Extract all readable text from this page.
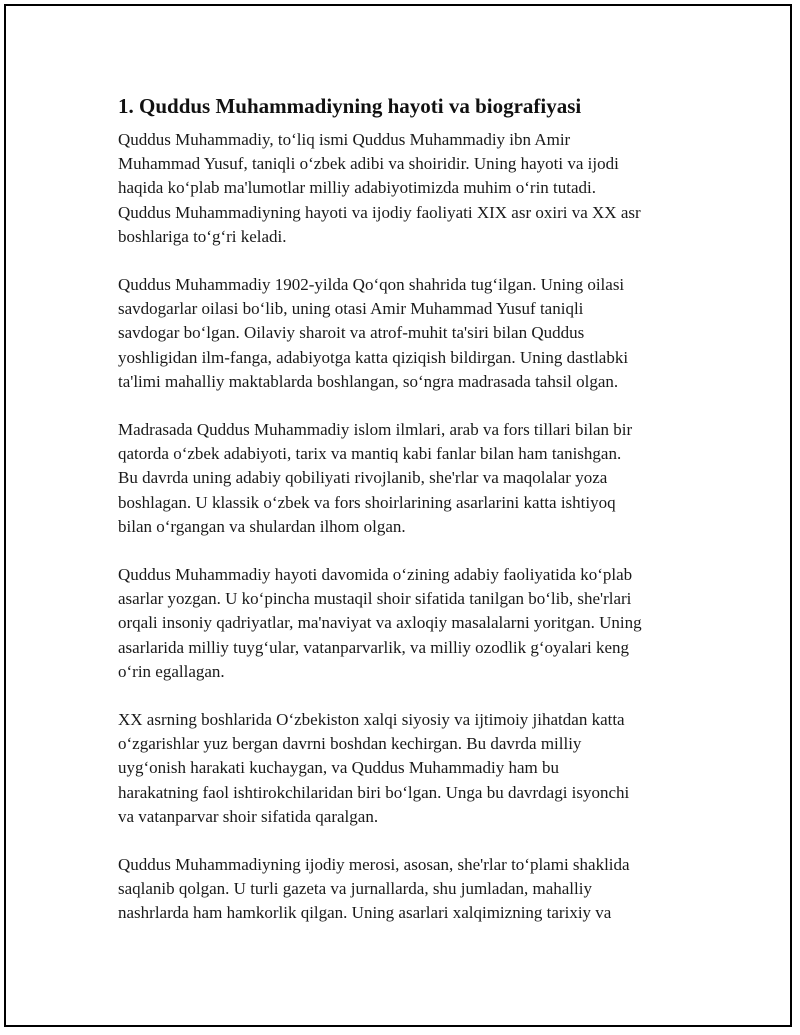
1. Quddus Muhammadiyning hayoti va biografiyasi

Quddus Muhammadiy, to‘liq ismi Quddus Muhammadiy ibn Amir
Muhammad Yusuf, taniqli o‘zbek adibi va shoiridir. Uning hayoti va ijodi
haqida ko‘plab ma'lumotlar milliy adabiyotimizda muhim o‘rin tutadi.
Quddus Muhammadiyning hayoti va ijodiy faoliyati XIX asr oxiri va XX asr
boshlariga to‘g‘ri keladi.

Quddus Muhammadiy 1902-yilda Qo‘qon shahrida tug‘ilgan. Uning oilasi
savdogarlar oilasi bo‘lib, uning otasi Amir Muhammad Yusuf taniqli
savdogar bo‘lgan. Oilaviy sharoit va atrof-muhit ta'siri bilan Quddus
yoshligidan ilm-fanga, adabiyotga katta qiziqish bildirgan. Uning dastlabki
ta'limi mahalliy maktablarda boshlangan, so‘ngra madrasada tahsil olgan.

Madrasada Quddus Muhammadiy islom ilmlari, arab va fors tillari bilan bir
qatorda o‘zbek adabiyoti, tarix va mantiq kabi fanlar bilan ham tanishgan.
Bu davrda uning adabiy qobiliyati rivojlanib, she'rlar va maqolalar yoza
boshlagan. U klassik o‘zbek va fors shoirlarining asarlarini katta ishtiyoq
bilan o‘rgangan va shulardan ilhom olgan.

Quddus Muhammadiy hayoti davomida o‘zining adabiy faoliyatida ko‘plab
asarlar yozgan. U ko‘pincha mustaqil shoir sifatida tanilgan bo‘lib, she'rlari
orqali insoniy qadriyatlar, ma'naviyat va axloqiy masalalarni yoritgan. Uning
asarlarida milliy tuyg‘ular, vatanparvarlik, va milliy ozodlik g‘oyalari keng
o‘rin egallagan.

XX asrning boshlarida O‘zbekiston xalqi siyosiy va ijtimoiy jihatdan katta
o‘zgarishlar yuz bergan davrni boshdan kechirgan. Bu davrda milliy
uyg‘onish harakati kuchaygan, va Quddus Muhammadiy ham bu
harakatning faol ishtirokchilaridan biri bo‘lgan. Unga bu davrdagi isyonchi
va vatanparvar shoir sifatida qaralgan.

Quddus Muhammadiyning ijodiy merosi, asosan, she'rlar to‘plami shaklida
saqlanib qolgan. U turli gazeta va jurnallarda, shu jumladan, mahalliy
nashrlarda ham hamkorlik qilgan. Uning asarlari xalqimizning tarixiy va
